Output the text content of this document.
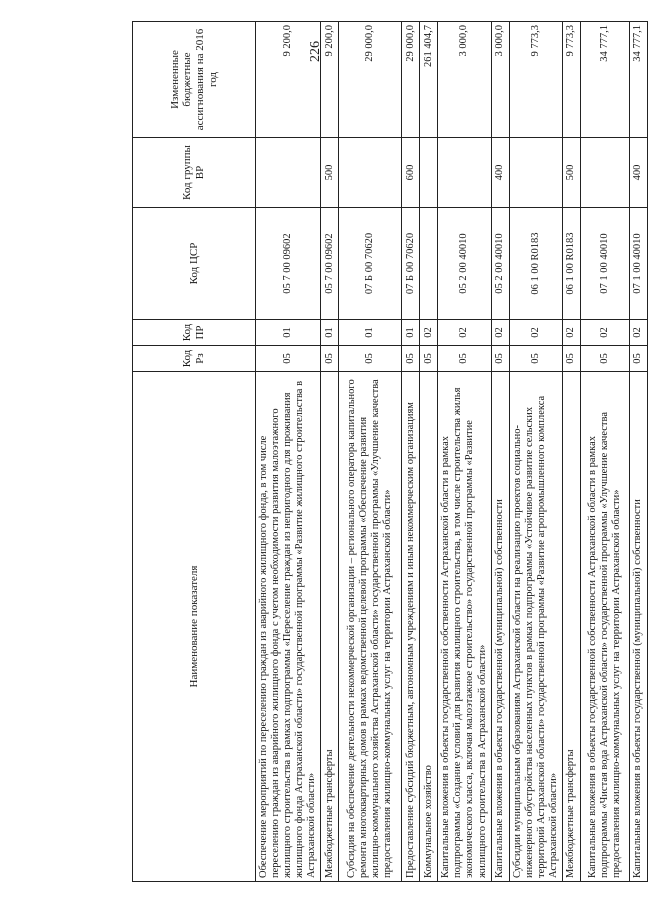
226
Наименование показателя	Код Рз	Код ПР	Код ЦСР	Код группы ВР	Измененные бюджетные ассигнования на 2016 год
Обеспечение мероприятий по переселению граждан из аварийного жилищного фонда, в том числе переселению граждан из аварийного жилищного фонда с учетом необходимости развития малоэтажного жилищного строительства в рамках подпрограммы «Переселение граждан из непригодного для проживания жилищного фонда Астраханской области» государственной программы «Развитие жилищного строительства в Астраханской области»	05	01	05 7 00 09602		9 200,0
Межбюджетные трансферты	05	01	05 7 00 09602	500	9 200,0
Субсидия на обеспечение деятельности некоммерческой организации – регионального оператора капитального ремонта многоквартирных домов в рамках ведомственной целевой программы «Обеспечение развития жилищно-коммунального хозяйства Астраханской области» государственной программы «Улучшение качества предоставления жилищно-коммунальных услуг на территории Астраханской области»	05	01	07 Б 00 70620		29 000,0
Предоставление субсидий бюджетным, автономным учреждениям и иным некоммерческим организациям	05	01	07 Б 00 70620	600	29 000,0
Коммунальное хозяйство	05	02			261 404,7
Капитальные вложения в объекты государственной собственности Астраханской области в рамках подпрограммы «Создание условий для развития жилищного строительства, в том числе строительства жилья экономического класса, включая малоэтажное строительство» государственной программы «Развитие жилищного строительства в Астраханской области»	05	02	05 2 00 40010		3 000,0
Капитальные вложения в объекты государственной (муниципальной) собственности	05	02	05 2 00 40010	400	3 000,0
Субсидии муниципальным образованиям Астраханской области на реализацию проектов социально-инженерного обустройства населенных пунктов в рамках подпрограммы «Устойчивое развитие сельских территорий Астраханской области» государственной программы «Развитие агропромышленного комплекса Астраханской области»	05	02	06 1 00 R0183		9 773,3
Межбюджетные трансферты	05	02	06 1 00 R0183	500	9 773,3
Капитальные вложения в объекты государственной собственности Астраханской области в рамках подпрограммы «Чистая вода Астраханской области» государственной программы «Улучшение качества предоставления жилищно-коммунальных услуг на территории Астраханской области»	05	02	07 1 00 40010		34 777,1
Капитальные вложения в объекты государственной (муниципальной) собственности	05	02	07 1 00 40010	400	34 777,1
